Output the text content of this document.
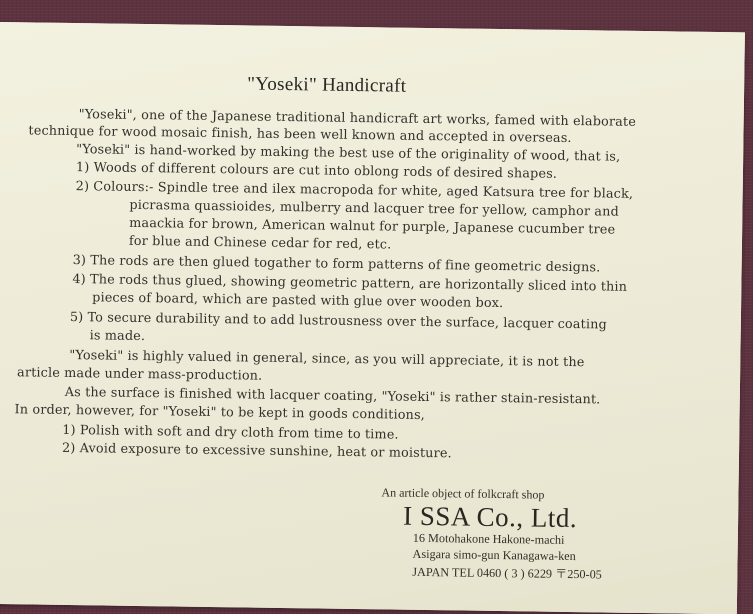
"Yoseki" Handicraft
"Yoseki", one of the Japanese traditional handicraft art works, famed with elaborate
technique for wood mosaic finish, has been well known and accepted in overseas.
"Yoseki" is hand-worked by making the best use of the originality of wood, that is,
1) Woods of different colours are cut into oblong rods of desired shapes.
2) Colours:- Spindle tree and ilex macropoda for white, aged Katsura tree for black,
picrasma quassioides, mulberry and lacquer tree for yellow, camphor and
maackia for brown, American walnut for purple, Japanese cucumber tree
for blue and Chinese cedar for red, etc.
3) The rods are then glued togather to form patterns of fine geometric designs.
4) The rods thus glued, showing geometric pattern, are horizontally sliced into thin
pieces of board, which are pasted with glue over wooden box.
5) To secure durability and to add lustrousness over the surface, lacquer coating
is made.
"Yoseki" is highly valued in general, since, as you will appreciate, it is not the
article made under mass-production.
As the surface is finished with lacquer coating, "Yoseki" is rather stain-resistant.
In order, however, for "Yoseki" to be kept in goods conditions,
1) Polish with soft and dry cloth from time to time.
2) Avoid exposure to excessive sunshine, heat or moisture.
An article object of folkcraft shop
I SSA Co., Ltd.
16 Motohakone Hakone-machi
Asigara simo-gun Kanagawa-ken
JAPAN TEL 0460 ( 3 ) 6229 〒250-05
